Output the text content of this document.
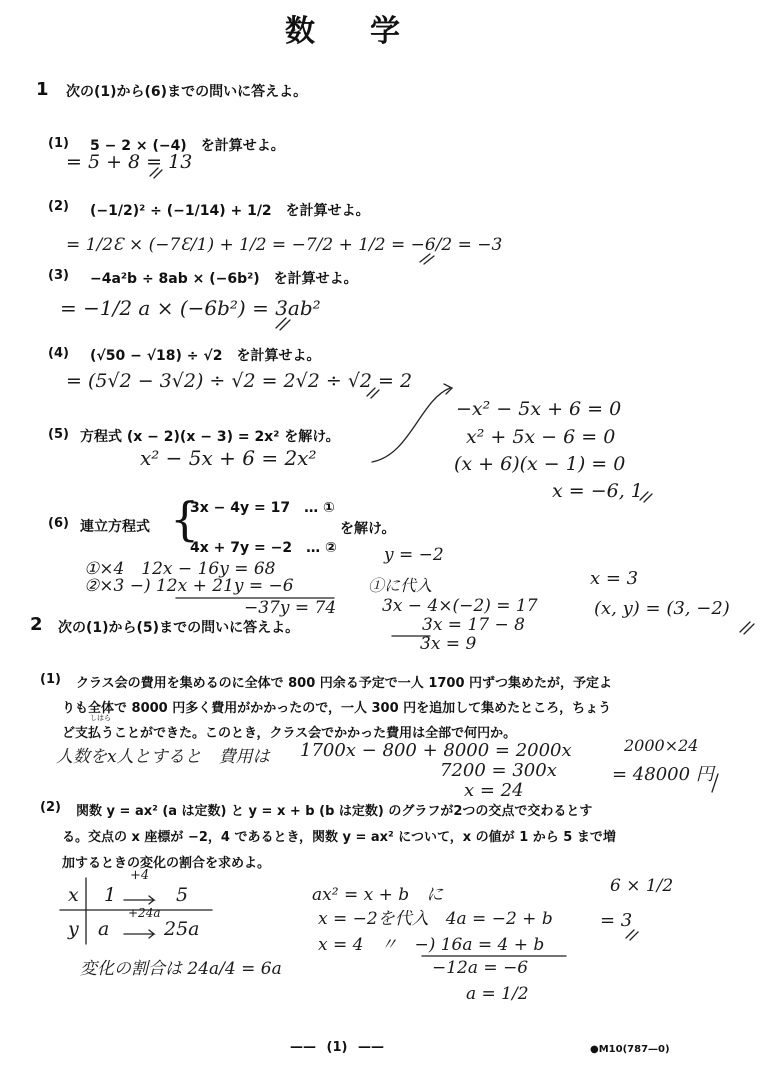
数学
1 次の(1)から(6)までの問いに答えよ。
(1) 5 − 2 × (−4)　を計算せよ。
= 5 + 8 = 13
(2) (−1/2)² ÷ (−1/14) + 1/2　を計算せよ。
= 1/2Ɛ × (−7Ɛ/1) + 1/2 = −7/2 + 1/2 = −6/2 = −3
(3) −4a²b ÷ 8ab × (−6b²)　を計算せよ。
= −1/2 a × (−6b²) = 3ab²
(4) (√50 − √18) ÷ √2　を計算せよ。
= (5√2 − 3√2) ÷ √2 = 2√2 ÷ √2 = 2
(5) 方程式 (x − 2)(x − 3) = 2x² を解け。
x² − 5x + 6 = 2x²
−x² − 5x + 6 = 0
x² + 5x − 6 = 0
(x + 6)(x − 1) = 0
x = −6, 1
(6) 連立方程式 {
3x − 4y = 17　… ①
4x + 7y = −2　… ②
を解け。
①×4　12x − 16y = 68
②×3 −) 12x + 21y = −6
−37y = 74
y = −2
①に代入
3x − 4×(−2) = 17
3x = 17 − 8
3x = 9
x = 3
(x, y) = (3, −2)
2 次の(1)から(5)までの問いに答えよ。
(1) クラス会の費用を集めるのに全体で 800 円余る予定で一人 1700 円ずつ集めたが，予定よ
りも全体で 8000 円多く費用がかかったので，一人 300 円を追加して集めたところ，ちょう
しはら
ど支払うことができた。このとき，クラス会でかかった費用は全部で何円か。
人数をx人とすると　費用は 1700x − 800 + 8000 = 2000x
7200 = 300x
x = 24
2000×24
= 48000 円
(2) 関数 y = ax² (a は定数) と y = x + b (b は定数) のグラフが2つの交点で交わるとす
る。交点の x 座標が −2，4 であるとき，関数 y = ax² について，x の値が 1 から 5 まで増
加するときの変化の割合を求めよ。
x
y
1
+4
5
a
+24a
25a
変化の割合は 24a/4 = 6a
ax² = x + b　に
x = −2を代入　4a = −2 + b
x = 4　〃　−) 16a = 4 + b
−12a = −6
a = 1/2
6 × 1/2
= 3
—— (1) ——	●M10(787—0)
